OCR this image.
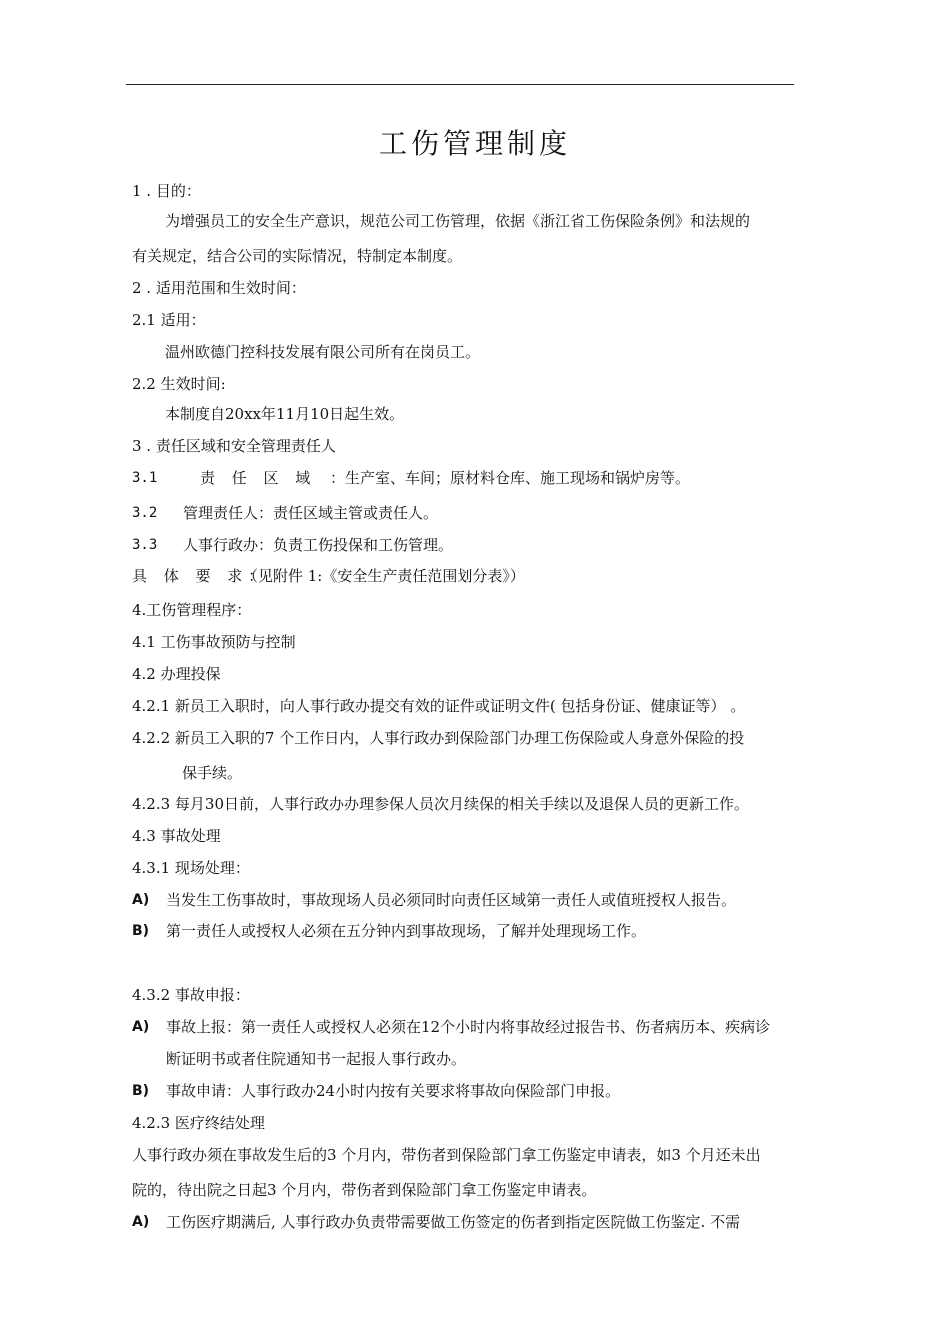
工伤管理制度
1 . 目的：
为增强员工的安全生产意识，规范公司工伤管理，依据《浙江省工伤保险条例》和法规的
有关规定，结合公司的实际情况，特制定本制度。
2 . 适用范围和生效时间：
2.1 适用：
温州欧德门控科技发展有限公司所有在岗员工。
2.2 生效时间:
本制度自20xx年11月10日起生效。
3 . 责任区域和安全管理责任人
3.1	责 任 区 域 ：生产室、车间；原材料仓库、施工现场和锅炉房等。
3.2 管理责任人：责任区域主管或责任人。
3.3 人事行政办：负责工伤投保和工伤管理。
具 体 要 求：
（见附件 1:《安全生产责任范围划分表》）
4.工伤管理程序：
4.1 工伤事故预防与控制
4.2 办理投保
4.2.1 新员工入职时，向人事行政办提交有效的证件或证明文件( 包括身份证、健康证等） 。
4.2.2 新员工入职的7 个工作日内，人事行政办到保险部门办理工伤保险或人身意外保险的投
保手续。
4.2.3 每月30日前，人事行政办办理参保人员次月续保的相关手续以及退保人员的更新工作。
4.3 事故处理
4.3.1 现场处理：
A) 当发生工伤事故时，事故现场人员必须同时向责任区域第一责任人或值班授权人报告。
B) 第一责任人或授权人必须在五分钟内到事故现场，了解并处理现场工作。
4.3.2 事故申报：
A) 事故上报：第一责任人或授权人必须在12个小时内将事故经过报告书、伤者病历本、疾病诊
断证明书或者住院通知书一起报人事行政办。
B) 事故申请：人事行政办24小时内按有关要求将事故向保险部门申报。
4.2.3 医疗终结处理
人事行政办须在事故发生后的3 个月内，带伤者到保险部门拿工伤鉴定申请表，如3 个月还未出
院的，待出院之日起3 个月内，带伤者到保险部门拿工伤鉴定申请表。
A) 工伤医疗期满后, 人事行政办负责带需要做工伤签定的伤者到指定医院做工伤鉴定. 不需
